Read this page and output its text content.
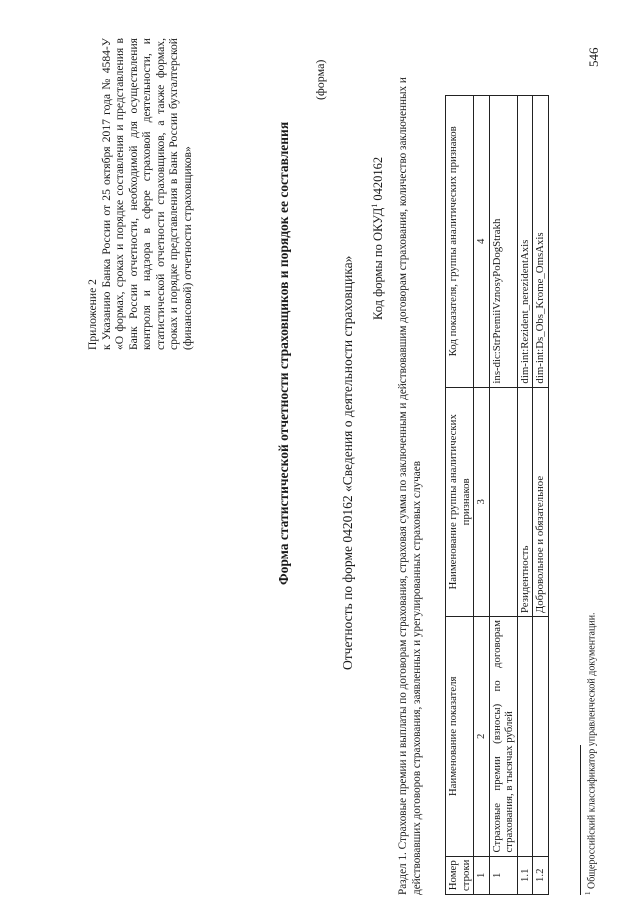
546
Приложение 2 к Указанию Банка России от 25 октября 2017 года № 4584-У «О формах, сроках и порядке составления и представления в Банк России отчетности, необходимой для осуществления контроля и надзора в сфере страховой деятельности, и статистической отчетности страховщиков, а также формах, сроках и порядке представления в Банк России бухгалтерской (финансовой) отчетности страховщиков»	Форма статистической отчетности страховщиков и порядок ее составления
(форма)
Отчетность по форме 0420162 «Сведения о деятельности страховщика» Код формы по ОКУД$^1$ 0420162 Раздел 1. Страховые премии и выплаты по договорам страхования, страховая сумма по заключенным и действовавшим договорам страхования, количество заключенных и действовавших договоров страхования, заявленных и урегулированных страховых случаев Номер строки	Наименование показателя	Наименование группы аналитических признаков	Код показателя, группы аналитических признаков
1	2	3	4
1	Страховые премии (взносы) по договорам страхования, в тысячах рублей		ins-dic:StrPremiiVznosyPoDogStrakh
1.1		Резидентность	dim-int:Rezident_nerezidentAxis
1.2		Добровольное и обязательное	dim-int:Ds_Obs_Krome_OmsAxis
$^1$ Общероссийский классификатор управленческой документации.
